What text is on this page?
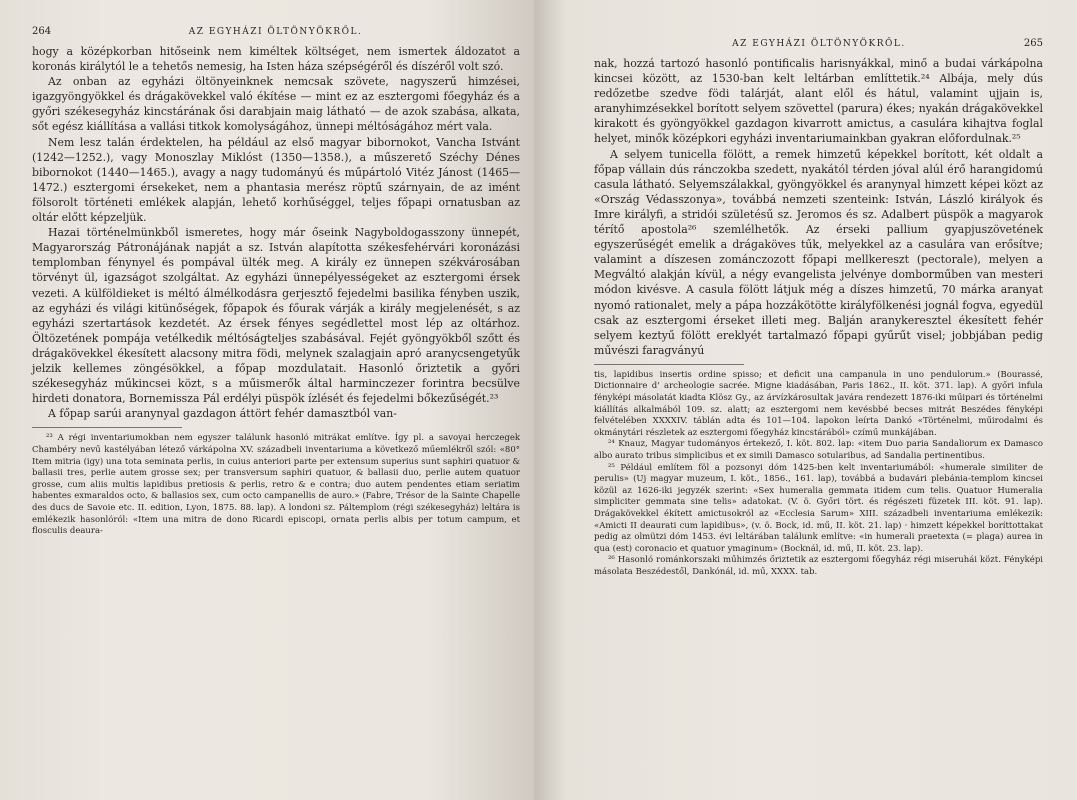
264	AZ EGYHÁZI ÖLTÖNYÖKRŐL.

hogy a középkorban hitőseink nem kiméltek költséget, nem ismertek áldozatot a koronás királytól le a tehetős nemesig, ha Isten háza szépségéről és díszéről volt szó.

Az onban az egyházi öltönyeinknek nemcsak szövete, nagyszerű himzései, igazgyöngyökkel és drágakövekkel való ékítése — mint ez az esztergomi főegyház és a győri székesegyház kincstárának ősi darabjain maig látható — de azok szabása, alkata, sőt egész kiállítása a vallási titkok komolyságához, ünnepi méltóságához mért vala.

Nem lesz talán érdektelen, ha például az első magyar bibornokot, Vancha Istvánt (1242—1252.), vagy Monoszlay Miklóst (1350—1358.), a műszerető Széchy Dénes bibornokot (1440—1465.), avagy a nagy tudományú és műpártoló Vitéz Jánost (1465—1472.) esztergomi érsekeket, nem a phantasia merész röptű szárnyain, de az imént fölsorolt történeti emlékek alapján, lehető korhűséggel, teljes főpapi ornatusban az oltár előtt képzeljük.

Hazai történelmünkből ismeretes, hogy már őseink Nagyboldogasszony ünnepét, Magyarország Pátronájának napját a sz. István alapította székesfehérvári koronázási templomban fénynyel és pompával ülték meg. A király ez ünnepen székvárosában törvényt ül, igazságot szolgáltat. Az egyházi ünnepélyességeket az esztergomi érsek vezeti. A külföldieket is méltó álmélkodásra gerjesztő fejedelmi basilika fényben uszik, az egyházi és világi kitünőségek, főpapok és főurak várják a király megjelenését, s az egyházi szertartások kezdetét. Az érsek fényes segédlettel most lép az oltárhoz. Öltözetének pompája vetélkedik méltóságteljes szabásával. Fejét gyöngyökből szőtt és drágakövekkel ékesített alacsony mitra födi, melynek szalagjain apró aranycsengetyűk jelzik kellemes zöngésökkel, a főpap mozdulatait. Hasonló őriztetik a győri székesegyház műkincsei közt, s a műismerők által harminczezer forintra becsülve hirdeti donatora, Bornemissza Pál erdélyi püspök ízlését és fejedelmi bőkezűségét.²³

A főpap sarúi aranynyal gazdagon áttört fehér damasztból van-

²³ A régi inventariumokban nem egyszer találunk hasonló mitrákat említve. Így pl. a savoyai herczegek Chambéry nevű kastélyában létező várkápolna XV. századbeli inventariuma a következő műemlékről szól: «80° Item mitria (igy) una tota seminata perlis, in cuius anteriori parte per extensum superius sunt saphiri quatuor & ballasii tres, perlie autem grosse sex; per transversum saphiri quatuor, & ballasii duo, perlie autem quatuor grosse, cum aliis multis lapidibus pretiosis & perlis, retro & e contra; duo autem pendentes etiam seriatim habentes exmaraldos octo, & ballasios sex, cum octo campanellis de auro.» (Fabre, Trésor de la Sainte Chapelle des ducs de Savoie etc. II. edition, Lyon, 1875. 88. lap). A londoni sz. Páltemplom (régi székesegyház) leltára is emlékezik hasonlóról: «Item una mitra de dono Ricardi episcopi, ornata perlis albis per totum campum, et flosculis deaura-

AZ EGYHÁZI ÖLTÖNYÖKRŐL.	265

nak, hozzá tartozó hasonló pontificalis harisnyákkal, minő a budai várkápolna kincsei között, az 1530-ban kelt leltárban említtetik.²⁴ Albája, mely dús redőzetbe szedve födi talárját, alant elől és hátul, valamint ujjain is, aranyhimzésekkel borított selyem szövettel (parura) ékes; nyakán drágakövekkel kirakott és gyöngyökkel gazdagon kivarrott amictus, a casulára kihajtva foglal helyet, minők középkori egyházi inventariumainkban gyakran előfordulnak.²⁵

A selyem tunicella fölött, a remek himzetű képekkel borított, két oldalt a főpap vállain dús ránczokba szedett, nyakától térden jóval alúl érő harangidomú casula látható. Selyemszálakkal, gyöngyökkel és aranynyal himzett képei közt az «Ország Védasszonya», továbbá nemzeti szenteink: István, László királyok és Imre királyfi, a stridói születésű sz. Jeromos és sz. Adalbert püspök a magyarok térítő apostola²⁶ szemlélhetők. Az érseki pallium gyapjuszövetének egyszerűségét emelik a drágaköves tűk, melyekkel az a casulára van erősítve; valamint a díszesen zománczozott főpapi mellkereszt (pectorale), melyen a Megváltó alakján kívül, a négy evangelista jelvénye domborműben van mesteri módon kivésve. A casula fölött látjuk még a díszes himzetű, 70 márka aranyat nyomó rationalet, mely a pápa hozzákötötte királyfölkenési jognál fogva, egyedül csak az esztergomi érseket illeti meg. Balján aranykeresztel ékesített fehér selyem keztyű fölött ereklyét tartalmazó főpapi gyűrűt visel; jobbjában pedig művészi faragványú

tis, lapidibus insertis ordine spisso; et deficit una campanula in uno pendulorum.» (Bourassé, Dictionnaire d' archeologie sacrée. Migne kiadásában, Paris 1862., II. köt. 371. lap). A győri infula fényképi másolatát kiadta Klösz Gy., az árvízkárosultak javára rendezett 1876-iki műipari és történelmi kiállítás alkalmából 109. sz. alatt; az esztergomi nem kevésbbé becses mitrát Beszédes fényképi felvételében XXXXIV. táblán adta és 101—104. lapokon leírta Dankó «Történelmi, műirodalmi és okmánytári részletek az esztergomi főegyház kincstárából» czímű munkájában.

²⁴ Knauz, Magyar tudományos értekező, I. köt. 802. lap: «item Duo paria Sandaliorum ex Damasco albo aurato tribus simplicibus et ex simili Damasco sotularibus, ad Sandalia pertinentibus.

²⁵ Például említem föl a pozsonyi dóm 1425-ben kelt inventariumából: «humerale similiter de perulis» (Uj magyar muzeum, I. köt., 1856., 161. lap), továbbá a budavári plebánia-templom kincsei közül az 1626-iki jegyzék szerint: «Sex humeralia gemmata itidem cum telis. Quatuor Humeralia simpliciter gemmata sine telis» adatokat. (V. ö. Győri tört. és régészeti füzetek III. köt. 91. lap). Drágakövekkel ékített amictusokról az «Ecclesia Sarum» XIII. századbeli inventariuma emlékezik: «Amicti II deaurati cum lapidibus», (v. ö. Bock, id. mű, II. köt. 21. lap) · himzett képekkel boríttottakat pedig az olmützi dóm 1453. évi leltárában találunk említve: «in humerali praetexta (= plaga) aurea in qua (est) coronacio et quatuor ymaginum» (Bocknál, id. mű, II. köt. 23. lap).

²⁶ Hasonló románkorszaki műhimzés őriztetik az esztergomi főegyház régi miseruhái közt. Fényképi másolata Beszédestől, Dankónál, id. mű, XXXX. tab.
